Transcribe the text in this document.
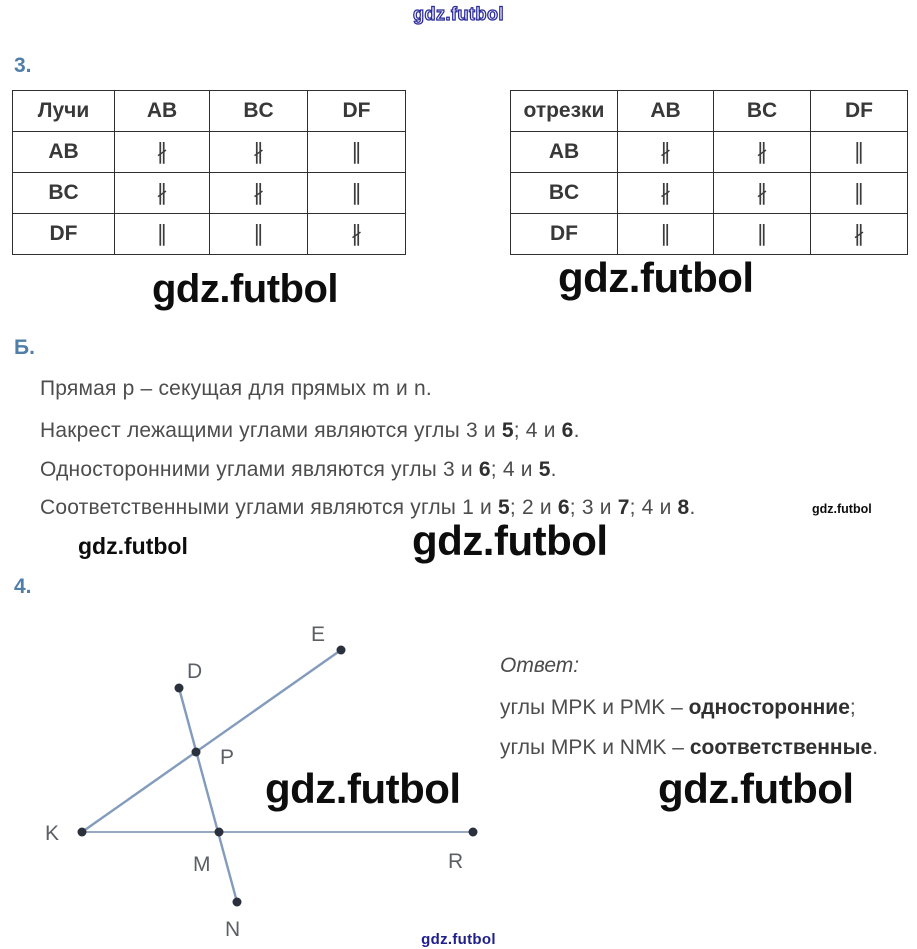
gdz.futbol
3.
Лучи	AB	BC	DF
AB	∦	∦	∥
BC	∦	∦	∥
DF	∥	∥	∦
отрезки	AB	BC	DF
AB	∦	∦	∥
BC	∦	∦	∥
DF	∥	∥	∦
gdz.futbol	gdz.futbol
Б.
Прямая p – секущая для прямых m и n.
Накрест лежащими углами являются углы 3 и 5; 4 и 6.
Односторонними углами являются углы 3 и 6; 4 и 5.
Соответственными углами являются углы 1 и 5; 2 и 6; 3 и 7; 4 и 8.	gdz.futbol
gdz.futbol	gdz.futbol
4.
E
D
P
K
M	R
N
Ответ:
углы MPK и PMK – односторонние;
углы MPK и NMK – соответственные.
gdz.futbol	gdz.futbol
gdz.futbol
